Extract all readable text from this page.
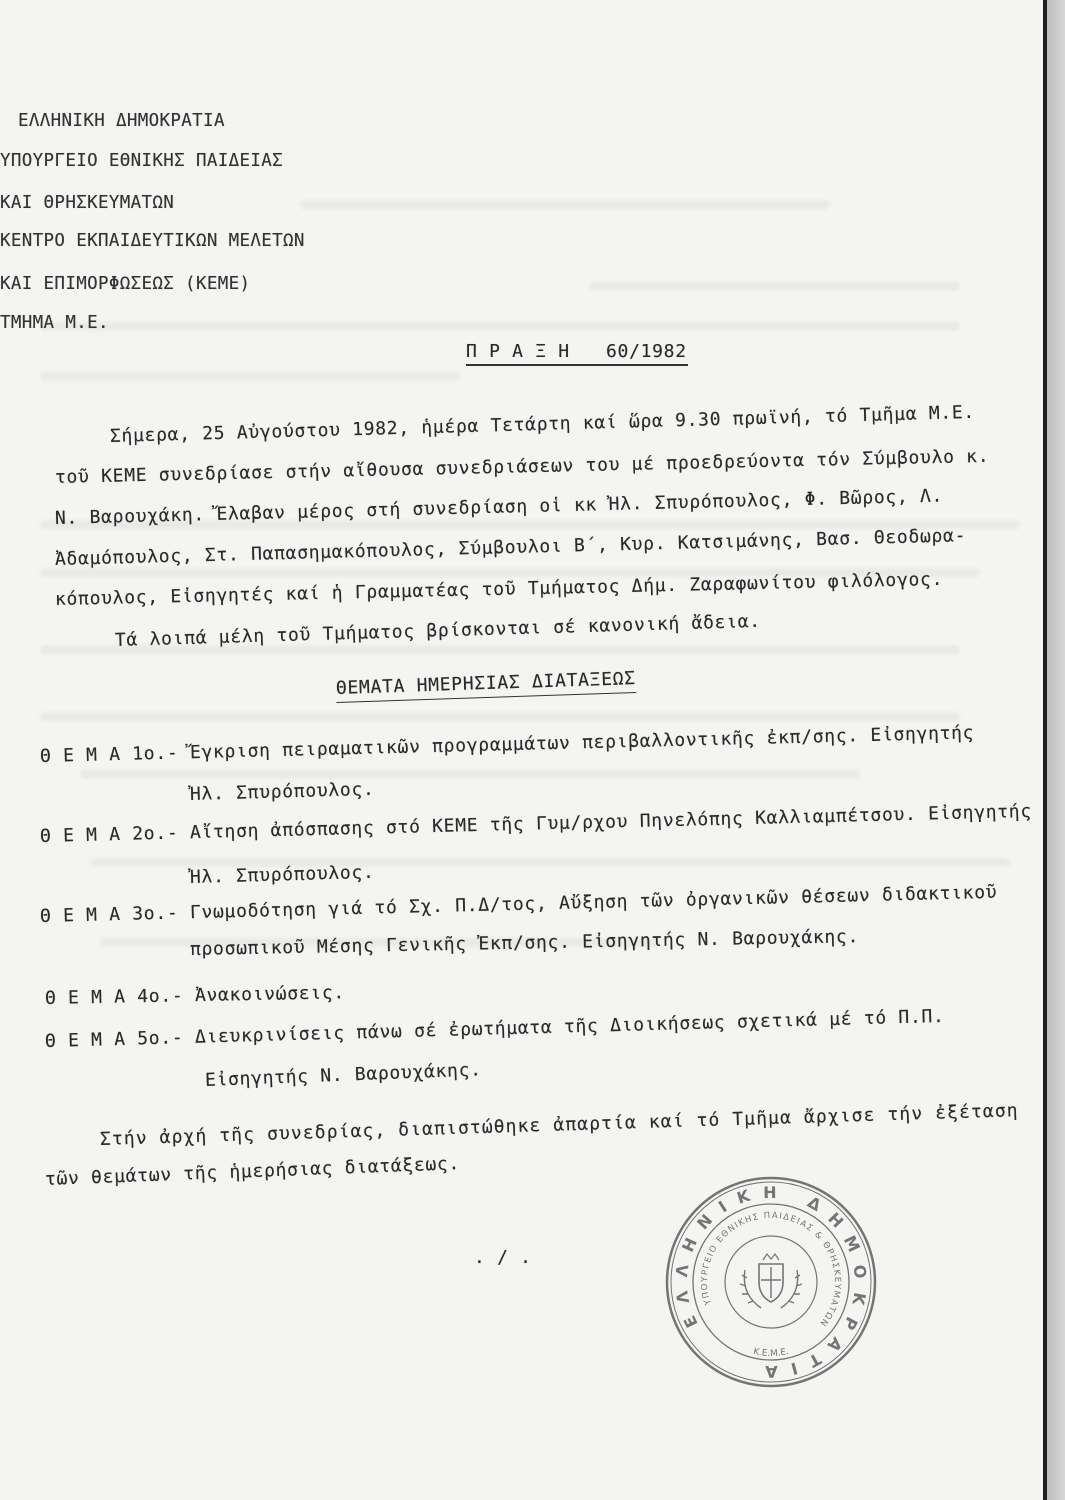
ΕΛΛΗΝΙΚΗ ΔΗΜΟΚΡΑΤΙΑ
ΥΠΟΥΡΓΕΙΟ ΕΘΝΙΚΗΣ ΠΑΙΔΕΙΑΣ
ΚΑΙ ΘΡΗΣΚΕΥΜΑΤΩΝ
ΚΕΝΤΡΟ ΕΚΠΑΙΔΕΥΤΙΚΩΝ ΜΕΛΕΤΩΝ
ΚΑΙ ΕΠΙΜΟΡΦΩΣΕΩΣ (ΚΕΜΕ)
ΤΜΗΜΑ Μ.Ε.
Π Ρ Α Ξ Η 60/1982
Σήμερα, 25 Αὐγούστου 1982, ἡμέρα Τετάρτη καί ὥρα 9.30 πρωϊνή, τό Τμῆμα Μ.Ε.
τοῦ ΚΕΜΕ συνεδρίασε στήν αἴθουσα συνεδριάσεων του μέ προεδρεύοντα τόν Σύμβουλο κ.
Ν. Βαρουχάκη. Ἔλαβαν μέρος στή συνεδρίαση οἱ κκ Ἠλ. Σπυρόπουλος, Φ. Βῶρος, Λ.
Ἀδαμόπουλος, Στ. Παπασημακόπουλος, Σύμβουλοι Β΄, Κυρ. Κατσιμάνης, Βασ. Θεοδωρα-
κόπουλος, Εἰσηγητές καί ἡ Γραμματέας τοῦ Τμήματος Δήμ. Ζαραφωνίτου φιλόλογος.
Τά λοιπά μέλη τοῦ Τμήματος βρίσκονται σέ κανονική ἄδεια.
ΘΕΜΑΤΑ ΗΜΕΡΗΣΙΑΣ ΔΙΑΤΑΞΕΩΣ
Θ Ε Μ Α 1ο.- Ἔγκριση πειραματικῶν προγραμμάτων περιβαλλοντικῆς ἐκπ/σης. Εἰσηγητής
Ἠλ. Σπυρόπουλος.
Θ Ε Μ Α 2ο.- Αἴτηση ἀπόσπασης στό ΚΕΜΕ τῆς Γυμ/ρχου Πηνελόπης Καλλιαμπέτσου. Εἰσηγητής
Ἠλ. Σπυρόπουλος.
Θ Ε Μ Α 3ο.- Γνωμοδότηση γιά τό Σχ. Π.Δ/τος, Αὔξηση τῶν ὀργανικῶν θέσεων διδακτικοῦ
προσωπικοῦ Μέσης Γενικῆς Ἐκπ/σης. Εἰσηγητής Ν. Βαρουχάκης.
Θ Ε Μ Α 4ο.- Ἀνακοινώσεις.
Θ Ε Μ Α 5ο.- Διευκρινίσεις πάνω σέ ἐρωτήματα τῆς Διοικήσεως σχετικά μέ τό Π.Π.
Εἰσηγητής Ν. Βαρουχάκης.
Στήν ἀρχή τῆς συνεδρίας, διαπιστώθηκε ἀπαρτία καί τό Τμῆμα ἄρχισε τήν ἐξέταση
τῶν θεμάτων τῆς ἡμερήσιας διατάξεως.
. / .
ΕΛΛΗΝΙΚΗ ΔΗΜΟΚΡΑΤΙΑ
ΥΠΟΥΡΓΕΙΟ ΕΘΝΙΚΗΣ ΠΑΙΔΕΙΑΣ & ΘΡΗΣΚΕΥΜΑΤΩΝ
Κ.Ε.Μ.Ε.
